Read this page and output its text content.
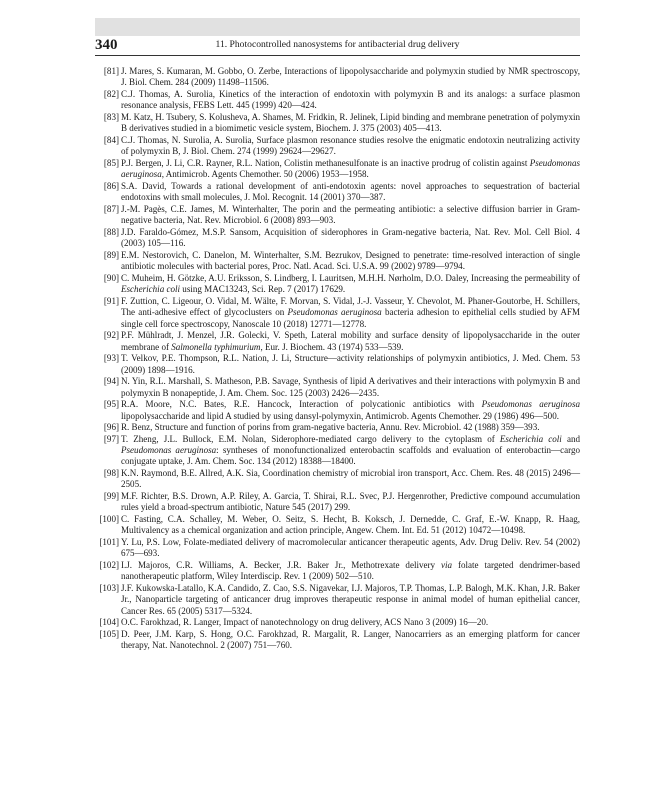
340	11. Photocontrolled nanosystems for antibacterial drug delivery
[81] J. Mares, S. Kumaran, M. Gobbo, O. Zerbe, Interactions of lipopolysaccharide and polymyxin studied by NMR spectroscopy, J. Biol. Chem. 284 (2009) 11498–11506.
[82] C.J. Thomas, A. Surolia, Kinetics of the interaction of endotoxin with polymyxin B and its analogs: a surface plasmon resonance analysis, FEBS Lett. 445 (1999) 420—424.
[83] M. Katz, H. Tsubery, S. Kolusheva, A. Shames, M. Fridkin, R. Jelinek, Lipid binding and membrane penetration of polymyxin B derivatives studied in a biomimetic vesicle system, Biochem. J. 375 (2003) 405—413.
[84] C.J. Thomas, N. Surolia, A. Surolia, Surface plasmon resonance studies resolve the enigmatic endotoxin neutralizing activity of polymyxin B, J. Biol. Chem. 274 (1999) 29624—29627.
[85] P.J. Bergen, J. Li, C.R. Rayner, R.L. Nation, Colistin methanesulfonate is an inactive prodrug of colistin against Pseudomonas aeruginosa, Antimicrob. Agents Chemother. 50 (2006) 1953—1958.
[86] S.A. David, Towards a rational development of anti-endotoxin agents: novel approaches to sequestration of bacterial endotoxins with small molecules, J. Mol. Recognit. 14 (2001) 370—387.
[87] J.-M. Pagès, C.E. James, M. Winterhalter, The porin and the permeating antibiotic: a selective diffusion barrier in Gram-negative bacteria, Nat. Rev. Microbiol. 6 (2008) 893—903.
[88] J.D. Faraldo-Gómez, M.S.P. Sansom, Acquisition of siderophores in Gram-negative bacteria, Nat. Rev. Mol. Cell Biol. 4 (2003) 105—116.
[89] E.M. Nestorovich, C. Danelon, M. Winterhalter, S.M. Bezrukov, Designed to penetrate: time-resolved interaction of single antibiotic molecules with bacterial pores, Proc. Natl. Acad. Sci. U.S.A. 99 (2002) 9789—9794.
[90] C. Muheim, H. Götzke, A.U. Eriksson, S. Lindberg, I. Lauritsen, M.H.H. Nørholm, D.O. Daley, Increasing the permeability of Escherichia coli using MAC13243, Sci. Rep. 7 (2017) 17629.
[91] F. Zuttion, C. Ligeour, O. Vidal, M. Wälte, F. Morvan, S. Vidal, J.-J. Vasseur, Y. Chevolot, M. Phaner-Goutorbe, H. Schillers, The anti-adhesive effect of glycoclusters on Pseudomonas aeruginosa bacteria adhesion to epithelial cells studied by AFM single cell force spectroscopy, Nanoscale 10 (2018) 12771—12778.
[92] P.F. Mühlradt, J. Menzel, J.R. Golecki, V. Speth, Lateral mobility and surface density of lipopolysaccharide in the outer membrane of Salmonella typhimurium, Eur. J. Biochem. 43 (1974) 533—539.
[93] T. Velkov, P.E. Thompson, R.L. Nation, J. Li, Structure—activity relationships of polymyxin antibiotics, J. Med. Chem. 53 (2009) 1898—1916.
[94] N. Yin, R.L. Marshall, S. Matheson, P.B. Savage, Synthesis of lipid A derivatives and their interactions with polymyxin B and polymyxin B nonapeptide, J. Am. Chem. Soc. 125 (2003) 2426—2435.
[95] R.A. Moore, N.C. Bates, R.E. Hancock, Interaction of polycationic antibiotics with Pseudomonas aeruginosa lipopolysaccharide and lipid A studied by using dansyl-polymyxin, Antimicrob. Agents Chemother. 29 (1986) 496—500.
[96] R. Benz, Structure and function of porins from gram-negative bacteria, Annu. Rev. Microbiol. 42 (1988) 359—393.
[97] T. Zheng, J.L. Bullock, E.M. Nolan, Siderophore-mediated cargo delivery to the cytoplasm of Escherichia coli and Pseudomonas aeruginosa: syntheses of monofunctionalized enterobactin scaffolds and evaluation of enterobactin—cargo conjugate uptake, J. Am. Chem. Soc. 134 (2012) 18388—18400.
[98] K.N. Raymond, B.E. Allred, A.K. Sia, Coordination chemistry of microbial iron transport, Acc. Chem. Res. 48 (2015) 2496—2505.
[99] M.F. Richter, B.S. Drown, A.P. Riley, A. Garcia, T. Shirai, R.L. Svec, P.J. Hergenrother, Predictive compound accumulation rules yield a broad-spectrum antibiotic, Nature 545 (2017) 299.
[100] C. Fasting, C.A. Schalley, M. Weber, O. Seitz, S. Hecht, B. Koksch, J. Dernedde, C. Graf, E.-W. Knapp, R. Haag, Multivalency as a chemical organization and action principle, Angew. Chem. Int. Ed. 51 (2012) 10472—10498.
[101] Y. Lu, P.S. Low, Folate-mediated delivery of macromolecular anticancer therapeutic agents, Adv. Drug Deliv. Rev. 54 (2002) 675—693.
[102] I.J. Majoros, C.R. Williams, A. Becker, J.R. Baker Jr., Methotrexate delivery via folate targeted dendrimer-based nanotherapeutic platform, Wiley Interdiscip. Rev. 1 (2009) 502—510.
[103] J.F. Kukowska-Latallo, K.A. Candido, Z. Cao, S.S. Nigavekar, I.J. Majoros, T.P. Thomas, L.P. Balogh, M.K. Khan, J.R. Baker Jr., Nanoparticle targeting of anticancer drug improves therapeutic response in animal model of human epithelial cancer, Cancer Res. 65 (2005) 5317—5324.
[104] O.C. Farokhzad, R. Langer, Impact of nanotechnology on drug delivery, ACS Nano 3 (2009) 16—20.
[105] D. Peer, J.M. Karp, S. Hong, O.C. Farokhzad, R. Margalit, R. Langer, Nanocarriers as an emerging platform for cancer therapy, Nat. Nanotechnol. 2 (2007) 751—760.
